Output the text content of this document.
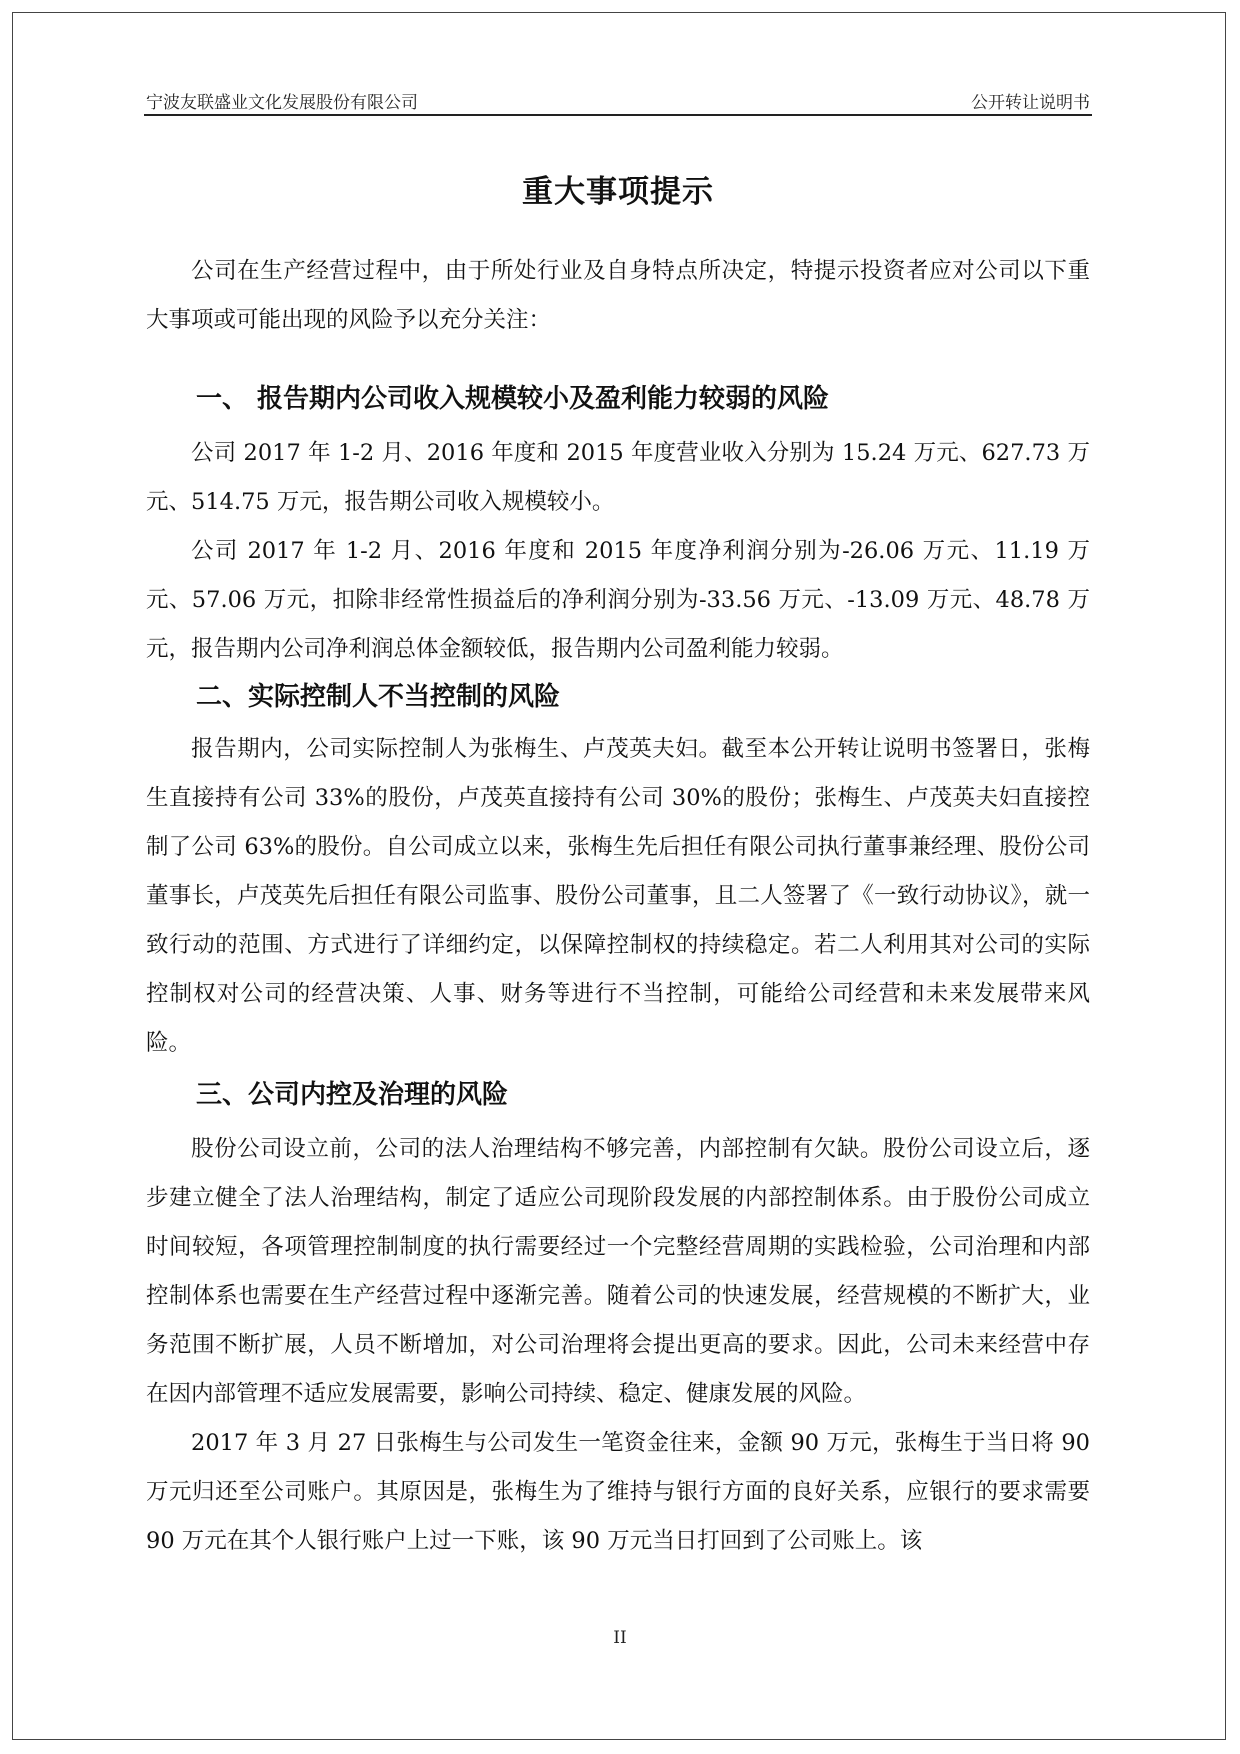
宁波友联盛业文化发展股份有限公司	公开转让说明书
重大事项提示

公司在生产经营过程中，由于所处行业及自身特点所决定，特提示投资者应对公司以下重大事项或可能出现的风险予以充分关注：

一、 报告期内公司收入规模较小及盈利能力较弱的风险

公司 2017 年 1-2 月、2016 年度和 2015 年度营业收入分别为 15.24 万元、627.73 万元、514.75 万元，报告期公司收入规模较小。

公司 2017 年 1-2 月、2016 年度和 2015 年度净利润分别为-26.06 万元、11.19 万元、57.06 万元，扣除非经常性损益后的净利润分别为-33.56 万元、-13.09 万元、48.78 万元，报告期内公司净利润总体金额较低，报告期内公司盈利能力较弱。

二、实际控制人不当控制的风险

报告期内，公司实际控制人为张梅生、卢茂英夫妇。截至本公开转让说明书签署日，张梅生直接持有公司 33%的股份，卢茂英直接持有公司 30%的股份；张梅生、卢茂英夫妇直接控制了公司 63%的股份。自公司成立以来，张梅生先后担任有限公司执行董事兼经理、股份公司董事长，卢茂英先后担任有限公司监事、股份公司董事，且二人签署了《一致行动协议》，就一致行动的范围、方式进行了详细约定，以保障控制权的持续稳定。若二人利用其对公司的实际控制权对公司的经营决策、人事、财务等进行不当控制，可能给公司经营和未来发展带来风险。

三、公司内控及治理的风险

股份公司设立前，公司的法人治理结构不够完善，内部控制有欠缺。股份公司设立后，逐步建立健全了法人治理结构，制定了适应公司现阶段发展的内部控制体系。由于股份公司成立时间较短，各项管理控制制度的执行需要经过一个完整经营周期的实践检验，公司治理和内部控制体系也需要在生产经营过程中逐渐完善。随着公司的快速发展，经营规模的不断扩大，业务范围不断扩展，人员不断增加，对公司治理将会提出更高的要求。因此，公司未来经营中存在因内部管理不适应发展需要，影响公司持续、稳定、健康发展的风险。

2017 年 3 月 27 日张梅生与公司发生一笔资金往来，金额 90 万元，张梅生于当日将 90 万元归还至公司账户。其原因是，张梅生为了维持与银行方面的良好关系，应银行的要求需要 90 万元在其个人银行账户上过一下账，该 90 万元当日打回到了公司账上。该

II
